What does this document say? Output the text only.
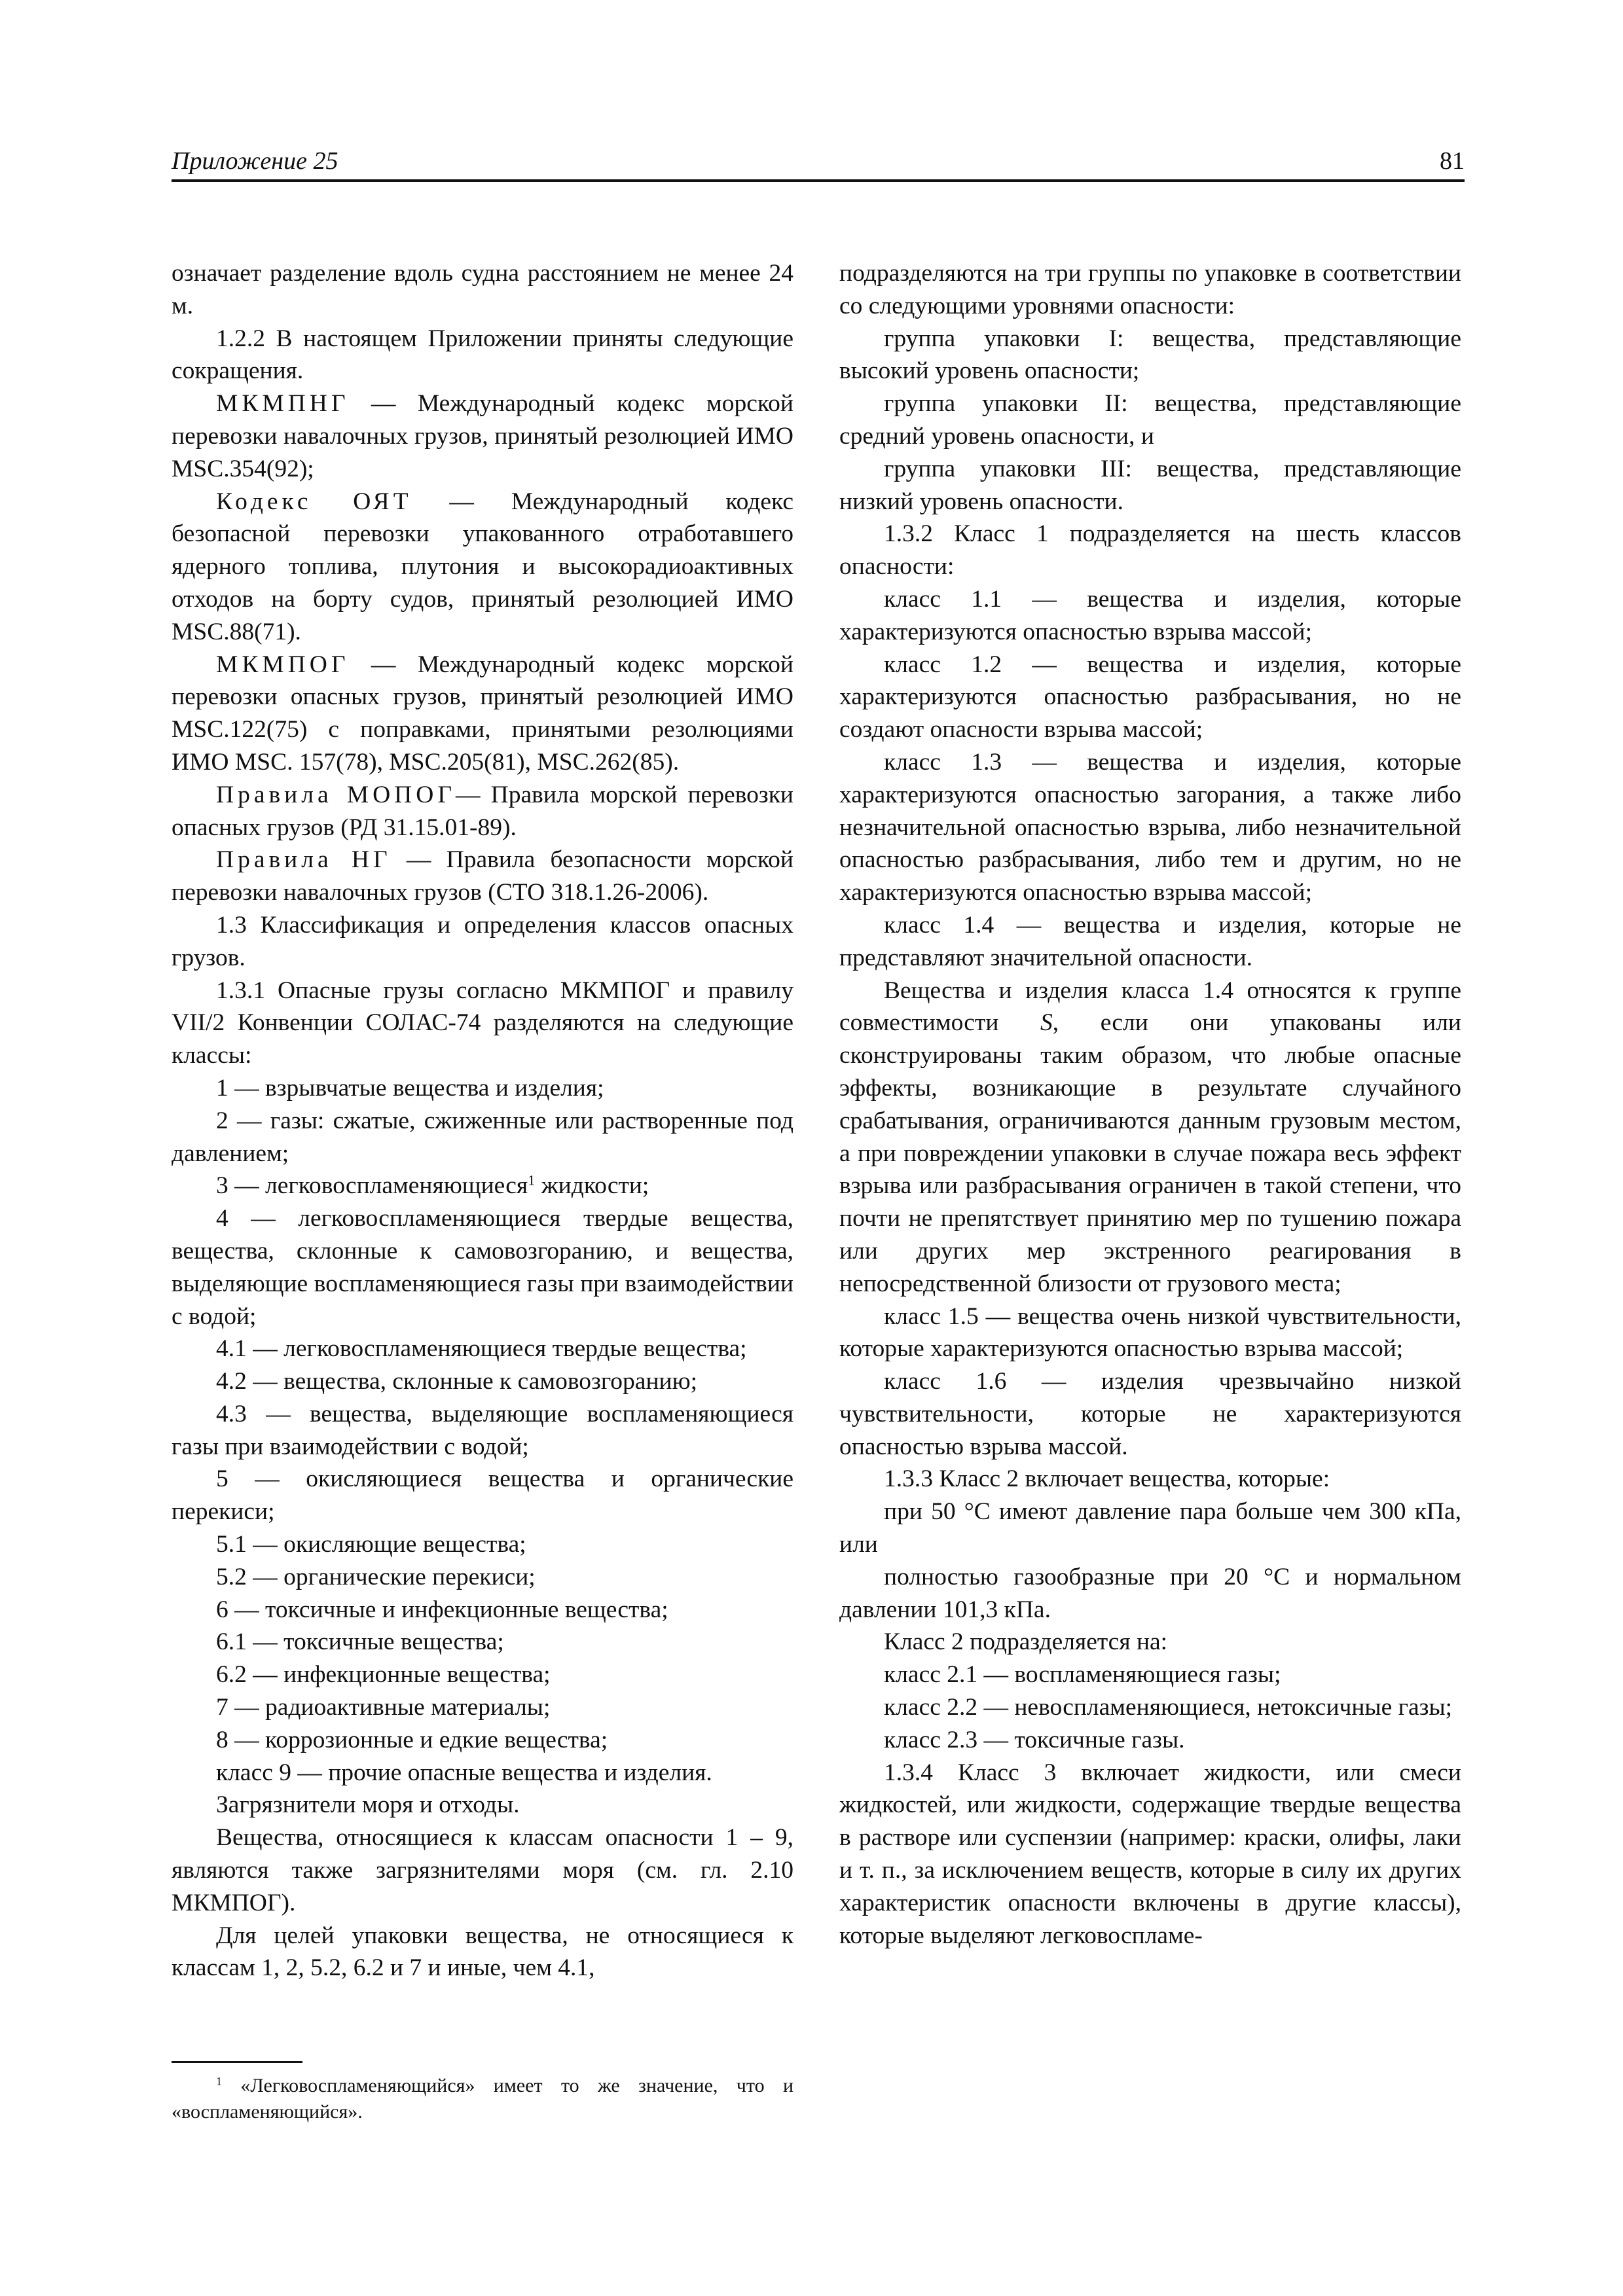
Приложение 25	81

означает разделение вдоль судна расстоянием не менее 24 м.

1.2.2 В настоящем Приложении приняты следующие сокращения.

МКМПНГ — Международный кодекс морской перевозки навалочных грузов, принятый резолюцией ИМО MSC.354(92);

Кодекс ОЯТ — Международный кодекс безопасной перевозки упакованного отработавшего ядерного топлива, плутония и высокорадиоактивных отходов на борту судов, принятый резолюцией ИМО MSC.88(71).

МКМПОГ — Международный кодекс морской перевозки опасных грузов, принятый резолюцией ИМО MSC.122(75) с поправками, принятыми резолюциями ИМО MSC. 157(78), MSC.205(81), MSC.262(85).

Правила МОПОГ— Правила морской перевозки опасных грузов (РД 31.15.01-89).

Правила НГ — Правила безопасности морской перевозки навалочных грузов (СТО 318.1.26-2006).

1.3 Классификация и определения классов опасных грузов.

1.3.1 Опасные грузы согласно МКМПОГ и правилу VII/2 Конвенции СОЛАС-74 разделяются на следующие классы:

1 — взрывчатые вещества и изделия;

2 — газы: сжатые, сжиженные или растворенные под давлением;

3 — легковоспламеняющиеся$^1$ жидкости;

4 — легковоспламеняющиеся твердые вещества, вещества, склонные к самовозгоранию, и вещества, выделяющие воспламеняющиеся газы при взаимодействии с водой;

4.1 — легковоспламеняющиеся твердые вещества;

4.2 — вещества, склонные к самовозгоранию;

4.3 — вещества, выделяющие воспламеняющиеся газы при взаимодействии с водой;

5 — окисляющиеся вещества и органические перекиси;

5.1 — окисляющие вещества;

5.2 — органические перекиси;

6 — токсичные и инфекционные вещества;

6.1 — токсичные вещества;

6.2 — инфекционные вещества;

7 — радиоактивные материалы;

8 — коррозионные и едкие вещества;

класс 9 — прочие опасные вещества и изделия.

Загрязнители моря и отходы.

Вещества, относящиеся к классам опасности 1 – 9, являются также загрязнителями моря (см. гл. 2.10 МКМПОГ).

Для целей упаковки вещества, не относящиеся к классам 1, 2, 5.2, 6.2 и 7 и иные, чем 4.1,

$^1$ «Легковоспламеняющийся» имеет то же значение, что и «воспламеняющийся».

подразделяются на три группы по упаковке в соответствии со следующими уровнями опасности:

группа упаковки I: вещества, представляющие высокий уровень опасности;

группа упаковки II: вещества, представляющие средний уровень опасности, и

группа упаковки III: вещества, представляющие низкий уровень опасности.

1.3.2 Класс 1 подразделяется на шесть классов опасности:

класс 1.1 — вещества и изделия, которые характеризуются опасностью взрыва массой;

класс 1.2 — вещества и изделия, которые характеризуются опасностью разбрасывания, но не создают опасности взрыва массой;

класс 1.3 — вещества и изделия, которые характеризуются опасностью загорания, а также либо незначительной опасностью взрыва, либо незначительной опасностью разбрасывания, либо тем и другим, но не характеризуются опасностью взрыва массой;

класс 1.4 — вещества и изделия, которые не представляют значительной опасности.

Вещества и изделия класса 1.4 относятся к группе совместимости S, если они упакованы или сконструированы таким образом, что любые опасные эффекты, возникающие в результате случайного срабатывания, ограничиваются данным грузовым местом, а при повреждении упаковки в случае пожара весь эффект взрыва или разбрасывания ограничен в такой степени, что почти не препятствует принятию мер по тушению пожара или других мер экстренного реагирования в непосредственной близости от грузового места;

класс 1.5 — вещества очень низкой чувствительности, которые характеризуются опасностью взрыва массой;

класс 1.6 — изделия чрезвычайно низкой чувствительности, которые не характеризуются опасностью взрыва массой.

1.3.3 Класс 2 включает вещества, которые:

при 50 °С имеют давление пара больше чем 300 кПа, или

полностью газообразные при 20 °С и нормальном давлении 101,3 кПа.

Класс 2 подразделяется на:

класс 2.1 — воспламеняющиеся газы;

класс 2.2 — невоспламеняющиеся, нетоксичные газы;

класс 2.3 — токсичные газы.

1.3.4 Класс 3 включает жидкости, или смеси жидкостей, или жидкости, содержащие твердые вещества в растворе или суспензии (например: краски, олифы, лаки и т. п., за исключением веществ, которые в силу их других характеристик опасности включены в другие классы), которые выделяют легковоспламе-
